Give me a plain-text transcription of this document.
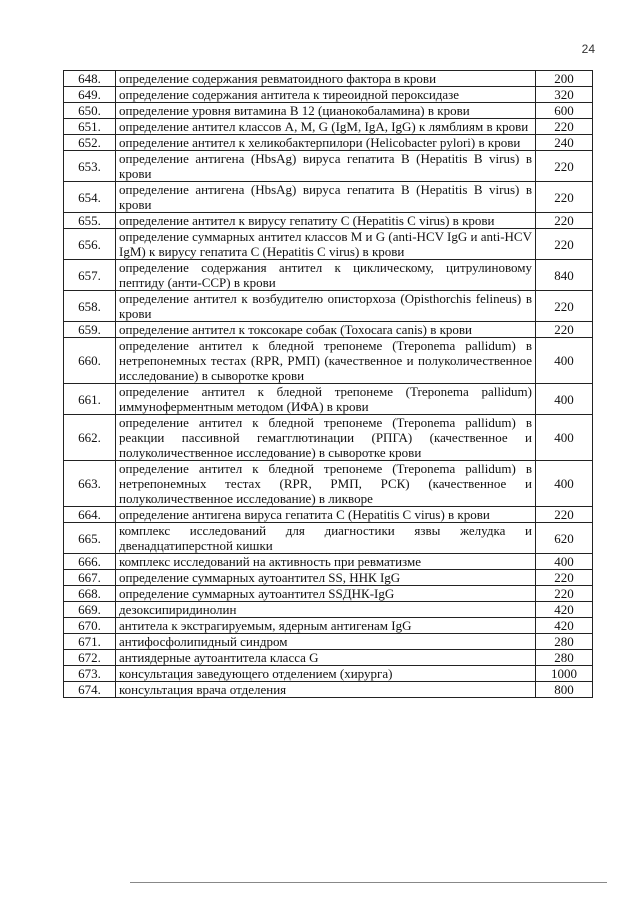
24
648.	определение содержания ревматоидного фактора в крови	200
649.	определение содержания антитела к тиреоидной пероксидазе	320
650.	определение уровня витамина В 12 (цианокобаламина) в крови	600
651.	определение антител классов А, М, G (IgM, IgA, IgG) к лямблиям в крови	220
652.	определение антител к хеликобактерпилори (Helicobacter pylori) в крови	240
653.	определение антигена (HbsAg) вируса гепатита В (Hepatitis В virus) в крови	220
654.	определение антигена (HbsAg) вируса гепатита В (Hepatitis В virus) в крови	220
655.	определение антител к вирусу гепатиту С (Hepatitis С virus) в крови	220
656.	определение суммарных антител классов М и G (anti-HCV IgG и anti-HCV IgM) к вирусу гепатита С (Hepatitis С virus) в крови	220
657.	определение содержания антител к циклическому, цитрулиновому пептиду (анти-ССР) в крови	840
658.	определение антител к возбудителю описторхоза (Opisthorchis felineus) в крови	220
659.	определение антител к токсокаре собак (Toxocara canis) в крови	220
660.	определение антител к бледной трепонеме (Treponema pallidum) в нетрепонемных тестах (RPR, РМП) (качественное и полуколичественное исследование) в сыворотке крови	400
661.	определение антител к бледной трепонеме (Treponema pallidum) иммуноферментным методом (ИФА) в крови	400
662.	определение антител к бледной трепонеме (Treponema pallidum) в реакции пассивной гемагглютинации (РПГА) (качественное и полуколичественное исследование) в сыворотке крови	400
663.	определение антител к бледной трепонеме (Treponema pallidum) в нетрепонемных тестах (RPR, РМП, РСК) (качественное и полуколичественное исследование) в ликворе	400
664.	определение антигена вируса гепатита С (Hepatitis С virus) в крови	220
665.	комплекс исследований для диагностики язвы желудка и двенадцатиперстной кишки	620
666.	комплекс исследований на активность при ревматизме	400
667.	определение суммарных аутоантител SS, ННК IgG	220
668.	определение суммарных аутоантител SSДНК-IgG	220
669.	дезоксипиридинолин	420
670.	антитела к экстрагируемым, ядерным антигенам IgG	420
671.	антифосфолипидный синдром	280
672.	антиядерные аутоантитела класса G	280
673.	консультация заведующего отделением (хирурга)	1000
674.	консультация врача отделения	800
